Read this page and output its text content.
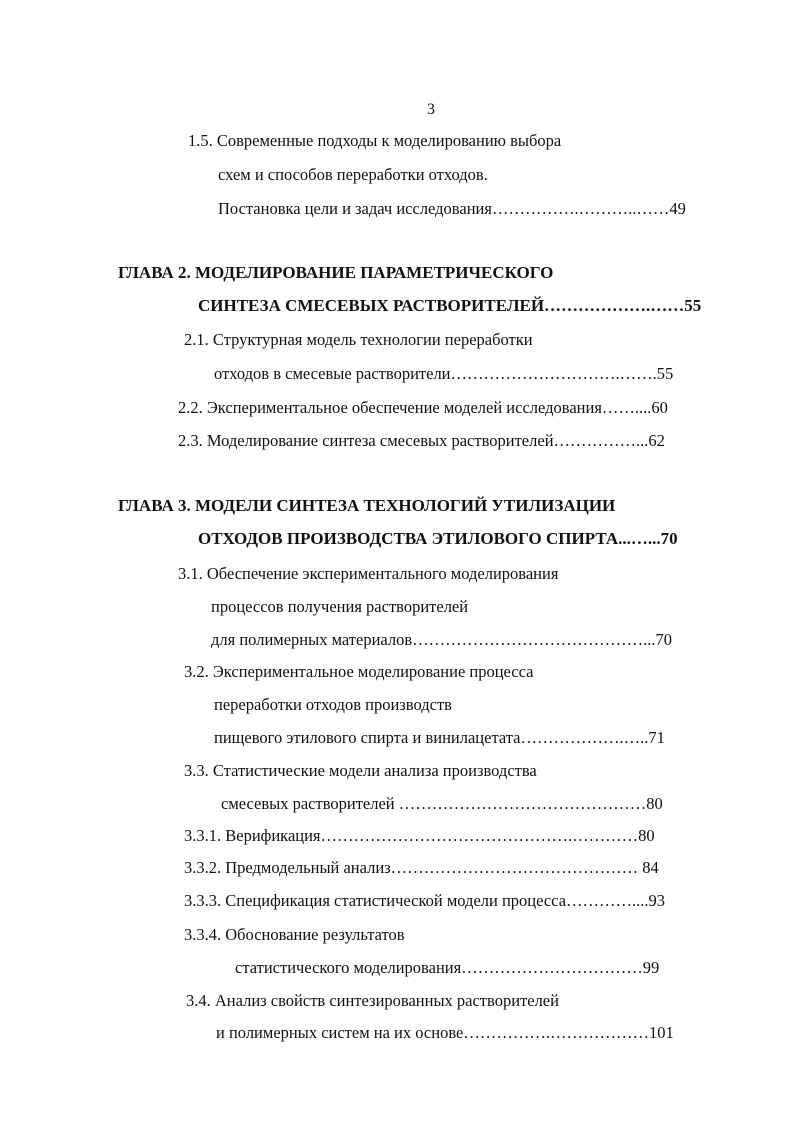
3
1.5. Современные подходы к моделированию выбора
схем и способов переработки отходов.
Постановка цели и задач исследования…………….………..……49
ГЛАВА 2. МОДЕЛИРОВАНИЕ ПАРАМЕТРИЧЕСКОГО
СИНТЕЗА СМЕСЕВЫХ РАСТВОРИТЕЛЕЙ……………….……55
2.1. Структурная модель технологии переработки
отходов в смесевые растворители………………………….…….55
2.2. Экспериментальное обеспечение моделей исследования……....60
2.3. Моделирование синтеза смесевых растворителей……………...62
ГЛАВА 3. МОДЕЛИ СИНТЕЗА ТЕХНОЛОГИЙ УТИЛИЗАЦИИ
ОТХОДОВ ПРОИЗВОДСТВА ЭТИЛОВОГО СПИРТА...…...70
3.1. Обеспечение экспериментального моделирования
процессов получения растворителей
для полимерных материалов……………………………………...70
3.2. Экспериментальное моделирование процесса
переработки отходов производств
пищевого этилового спирта и винилацетата……………….…..71
3.3. Статистические модели анализа производства
смесевых растворителей ………………………………………80
3.3.1. Верификация……………………………………….…………80
3.3.2. Предмодельный анализ……………………………………… 84
3.3.3. Спецификация статистической модели процесса…………....93
3.3.4. Обоснование результатов
статистического моделирования……………………………99
3.4. Анализ свойств синтезированных растворителей
и полимерных систем на их основе…………….………………101
